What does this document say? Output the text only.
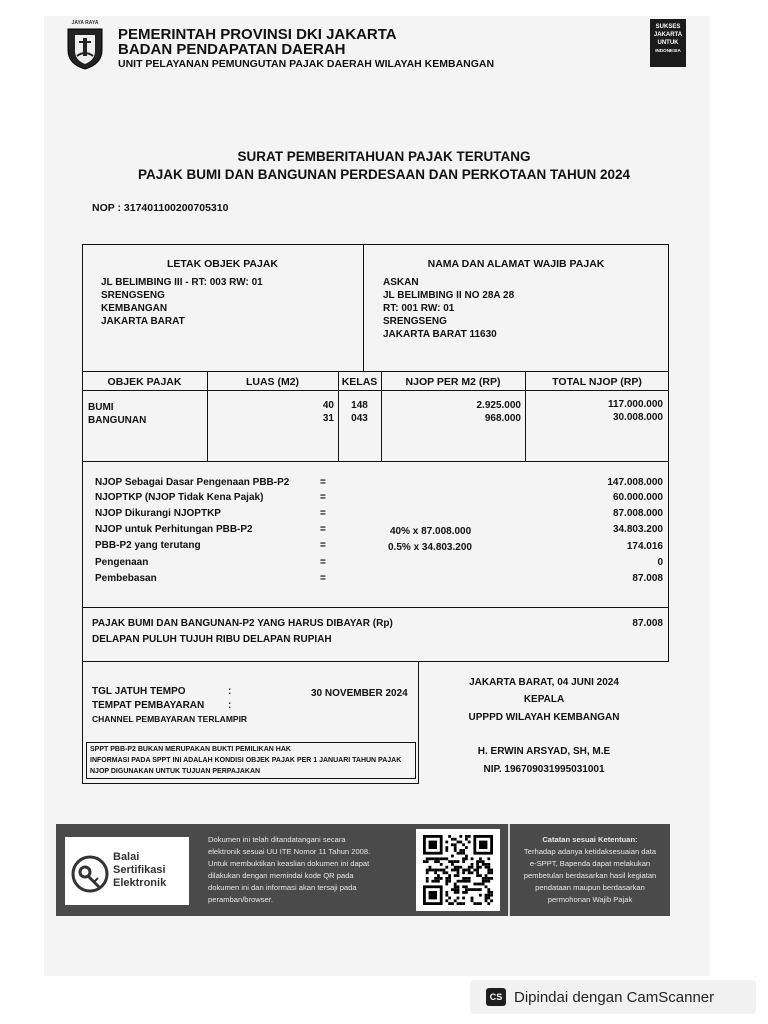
JAYA RAYA
PEMERINTAH PROVINSI DKI JAKARTA
BADAN PENDAPATAN DAERAH
UNIT PELAYANAN PEMUNGUTAN PAJAK DAERAH WILAYAH KEMBANGAN
SUKSES
JAKARTA
UNTUK
INDONESIA
SURAT PEMBERITAHUAN PAJAK TERUTANG
PAJAK BUMI DAN BANGUNAN PERDESAAN DAN PERKOTAAN TAHUN 2024
NOP : 317401100200705310
LETAK OBJEK PAJAK
JL BELIMBING III - RT: 003 RW: 01
SRENGSENG
KEMBANGAN
JAKARTA BARAT
NAMA DAN ALAMAT WAJIB PAJAK
ASKAN
JL BELIMBING II NO 28A 28
RT: 001 RW: 01
SRENGSENG
JAKARTA BARAT 11630
OBJEK PAJAK	LUAS (M2)	KELAS	NJOP PER M2 (RP)	TOTAL NJOP (RP)
BUMI	40	148	2.925.000	117.000.000
BANGUNAN	31	043	968.000	30.008.000
NJOP Sebagai Dasar Pengenaan PBB-P2	=	147.008.000
NJOPTKP (NJOP Tidak Kena Pajak)	=	60.000.000
NJOP Dikurangi NJOPTKP	=	87.008.000
NJOP untuk Perhitungan PBB-P2	=	40% x 87.008.000	34.803.200
PBB-P2 yang terutang	=	0.5% x 34.803.200	174.016
Pengenaan	=	0
Pembebasan	=	87.008
PAJAK BUMI DAN BANGUNAN-P2 YANG HARUS DIBAYAR (Rp)	87.008
DELAPAN PULUH TUJUH RIBU DELAPAN RUPIAH
TGL JATUH TEMPO	:	30 NOVEMBER 2024
TEMPAT PEMBAYARAN :
CHANNEL PEMBAYARAN TERLAMPIR
SPPT PBB-P2 BUKAN MERUPAKAN BUKTI PEMILIKAN HAK
INFORMASI PADA SPPT INI ADALAH KONDISI OBJEK PAJAK PER 1 JANUARI TAHUN PAJAK
NJOP DIGUNAKAN UNTUK TUJUAN PERPAJAKAN
JAKARTA BARAT, 04 JUNI 2024
KEPALA
UPPPD WILAYAH KEMBANGAN
H. ERWIN ARSYAD, SH, M.E
NIP. 196709031995031001
Balai
Sertifikasi
Elektronik
Dokumen ini telah ditandatangani secara
elektronik sesuai UU ITE Nomor 11 Tahun 2008.
Untuk membuktikan keaslian dokumen ini dapat
dilakukan dengan memindai kode QR pada
dokumen ini dan informasi akan tersaji pada
peramban/browser.
Catatan sesuai Ketentuan:
Terhadap adanya ketidaksesuaian data
e-SPPT, Bapenda dapat melakukan
pembetulan berdasarkan hasil kegiatan
pendataan maupun berdasarkan
permohonan Wajib Pajak
CS Dipindai dengan CamScanner
